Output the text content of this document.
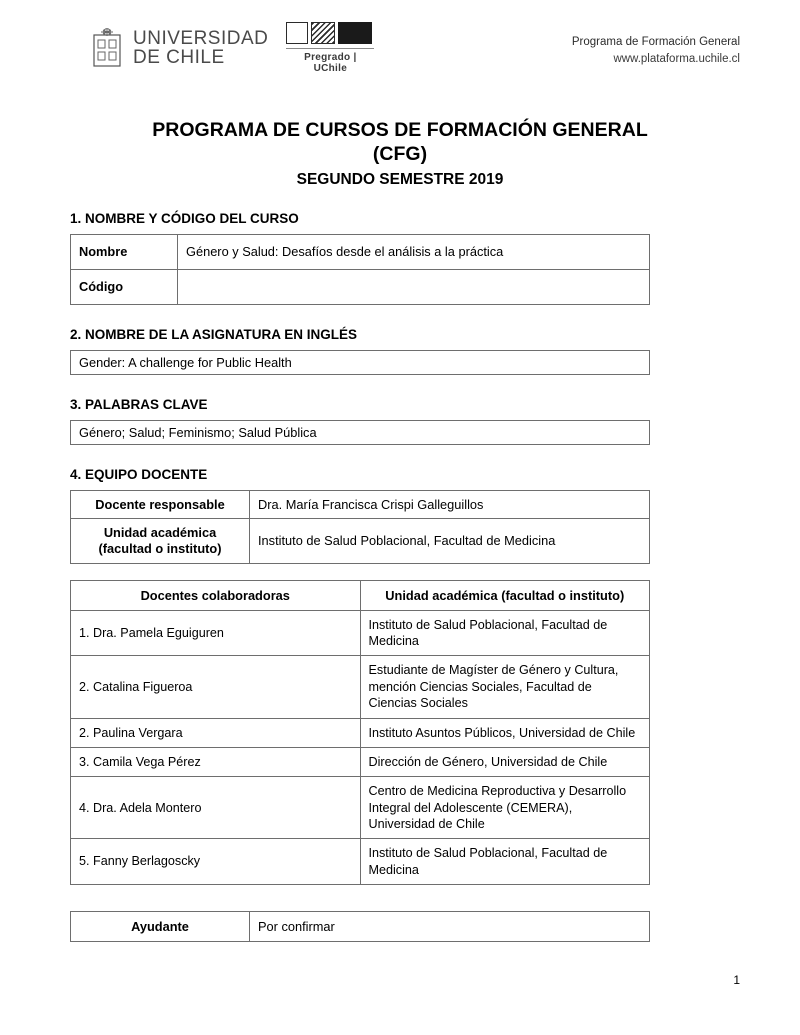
UNIVERSIDAD
DE CHILE	Pregrado | UChile
Programa de Formación General
www.plataforma.uchile.cl
PROGRAMA DE CURSOS DE FORMACIÓN GENERAL
(CFG)
SEGUNDO SEMESTRE 2019
1. NOMBRE Y CÓDIGO DEL CURSO
Nombre	Género y Salud: Desafíos desde el análisis a la práctica
Código	
2. NOMBRE DE LA ASIGNATURA EN INGLÉS
Gender: A challenge for Public Health
3. PALABRAS CLAVE
Género; Salud; Feminismo; Salud Pública
4. EQUIPO DOCENTE
Docente responsable	Dra. María Francisca Crispi Galleguillos

Unidad académica
(facultad o instituto)	Instituto de Salud Poblacional, Facultad de Medicina
Docentes colaboradoras	Unidad académica (facultad o instituto)
1. Dra. Pamela Eguiguren	Instituto de Salud Poblacional, Facultad de Medicina
2. Catalina Figueroa	Estudiante de Magíster de Género y Cultura, mención Ciencias Sociales, Facultad de Ciencias Sociales
2. Paulina Vergara	Instituto Asuntos Públicos, Universidad de Chile
3. Camila Vega Pérez	Dirección de Género, Universidad de Chile
4. Dra. Adela Montero	Centro de Medicina Reproductiva y Desarrollo Integral del Adolescente (CEMERA), Universidad de Chile
5. Fanny Berlagoscky	Instituto de Salud Poblacional, Facultad de Medicina
Ayudante	Por confirmar
1
